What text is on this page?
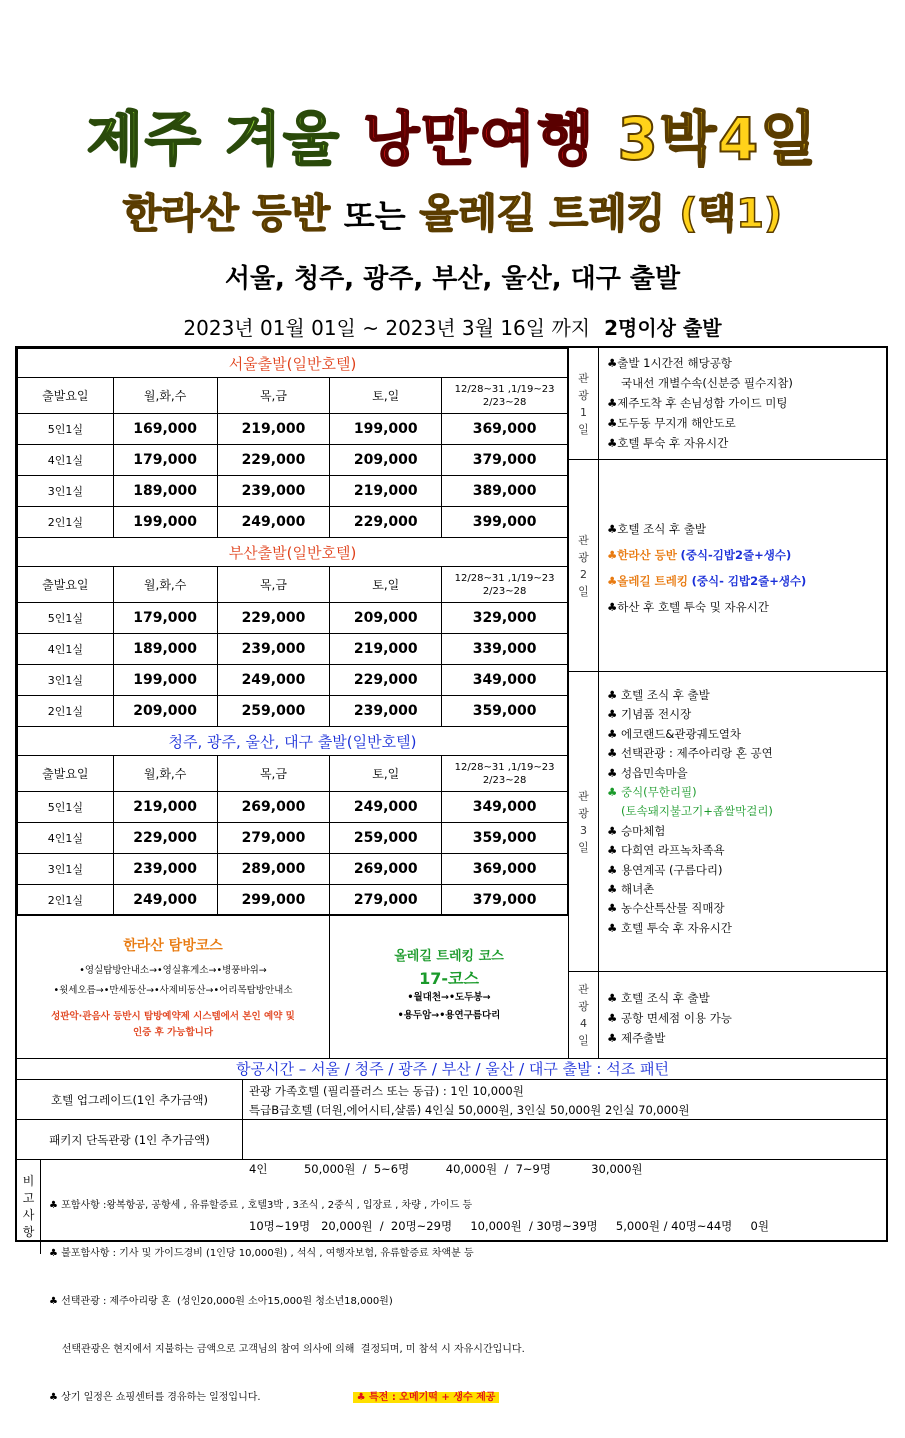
제주 겨울 낭만여행 3박4일
한라산 등반 또는 올레길 트레킹 (택1)
서울, 청주, 광주, 부산, 울산, 대구 출발
2023년 01월 01일 ~ 2023년 3월 16일 까지 2명이상 출발
서울출발(일반호텔)				
출발요일	월,화,수	목,금	토,일	12/28~31 ,1/19~23 2/23~28
5인1실	169,000	219,000	199,000	369,000
4인1실	179,000	229,000	209,000	379,000
3인1실	189,000	239,000	219,000	389,000
2인1실	199,000	249,000	229,000	399,000
부산출발(일반호텔)				
출발요일	월,화,수	목,금	토,일	12/28~31 ,1/19~23 2/23~28
5인1실	179,000	229,000	209,000	329,000
4인1실	189,000	239,000	219,000	339,000
3인1실	199,000	249,000	229,000	349,000
2인1실	209,000	259,000	239,000	359,000
청주, 광주, 울산, 대구 출발(일반호텔)				
출발요일	월,화,수	목,금	토,일	12/28~31 ,1/19~23 2/23~28
5인1실	219,000	269,000	249,000	349,000
4인1실	229,000	279,000	259,000	359,000
3인1실	239,000	289,000	269,000	369,000
2인1실	249,000	299,000	279,000	379,000
관광1일
♣출발 1시간전 해당공항
국내선 개별수속(신분증 필수지참)
♣제주도착 후 손님성함 가이드 미팅
♣도두동 무지개 해안도로
♣호텔 투숙 후 자유시간
관광2일
♣호텔 조식 후 출발
♣한라산 등반 (중식-김밥2줄+생수)
♣올레길 트레킹 (중식- 김밥2줄+생수)
♣하산 후 호텔 투숙 및 자유시간
관광3일
♣ 호텔 조식 후 출발
♣ 기념품 전시장
♣ 에코랜드&관광궤도열차
♣ 선택관광 : 제주아리랑 혼 공연
♣ 성읍민속마을
♣ 중식(무한리필)
(토속돼지불고기+좁쌀막걸리)
♣ 승마체험
♣ 다희연 라프녹차족욕
♣ 용연계곡 (구름다리)
♣ 해녀촌
♣ 농수산특산물 직매장
♣ 호텔 투숙 후 자유시간
관광4일
♣ 호텔 조식 후 출발
♣ 공항 면세점 이용 가능
♣ 제주출발
한라산 탐방코스
•영실탐방안내소→•영실휴게소→•병풍바위→
•윗세오름→•만세동산→•사제비동산→•어리목탐방안내소
성판악·관음사 등반시 탐방예약제 시스템에서 본인 예약 및
인증 후 가능합니다
올레길 트레킹 코스
17-코스
•월대천→•도두봉→
•용두암→•용연구름다리
항공시간 – 서울 / 청주 / 광주 / 부산 / 울산 / 대구 출발 : 석조 패턴
호텔 업그레이드(1인 추가금액)
관광 가족호텔 (필리플러스 또는 동급) : 1인 10,000원
특급B급호텔 (더원,에어시티,샬롬) 4인실 50,000원, 3인실 50,000원 2인실 70,000원
패키지 단독관광 (1인 추가금액)

4인          50,000원  /  5~6명          40,000원  /  7~9명           30,000원

10명~19명   20,000원  /  20명~29명     10,000원  / 30명~39명     5,000원 / 40명~44명     0원

비고사항

♣ 포함사항 :왕복항공, 공항세 , 유류할증료 , 호텔3박 , 3조식 , 2중식 , 입장료 , 차량 , 가이드 등

♣ 불포함사항 : 기사 및 가이드경비 (1인당 10,000원) , 석식 , 여행자보험, 유류할증료 차액분 등

♣ 선택관광 : 제주아리랑 혼  (성인20,000원 소아15,000원 청소년18,000원)

선택관광은 현지에서 지불하는 금액으로 고객님의 참여 의사에 의해  결정되며, 미 참석 시 자유시간입니다.

♣ 상기 일정은 쇼핑센터를 경유하는 일정입니다.	♣ 특전 : 오메기떡 + 생수 제공
